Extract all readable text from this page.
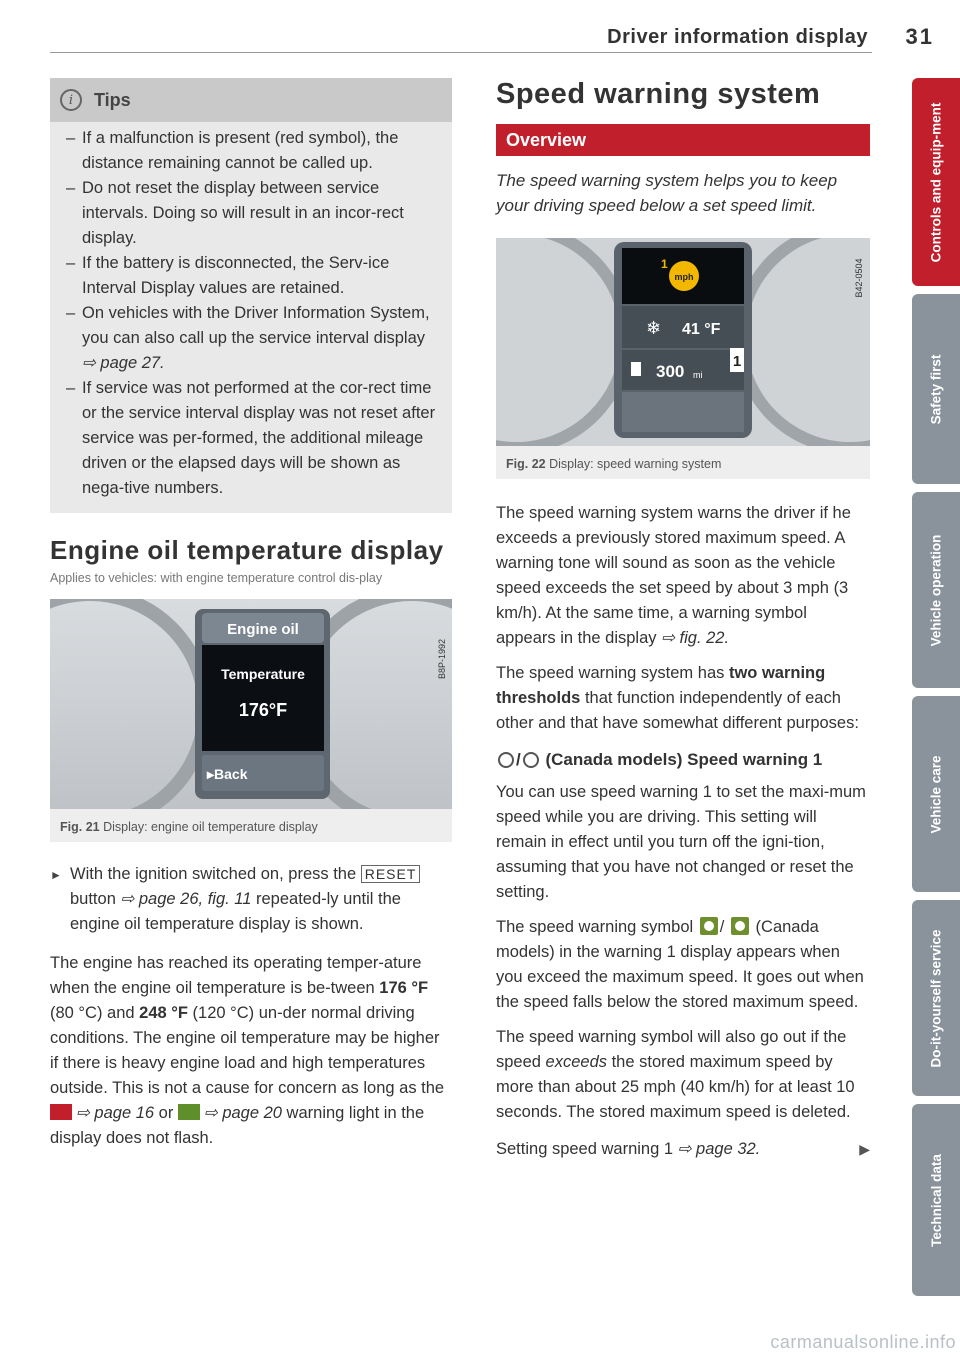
Driver information display 31
i	Tips
– If a malfunction is present (red symbol), the distance remaining cannot be called up.
– Do not reset the display between service intervals. Doing so will result in an incor-rect display.
– If the battery is disconnected, the Serv-ice Interval Display values are retained.
– On vehicles with the Driver Information System, you can also call up the service interval display ⇨ page 27.
– If service was not performed at the cor-rect time or the service interval display was not reset after service was per-formed, the additional mileage driven or the elapsed days will be shown as nega-tive numbers.
Engine oil temperature display
Applies to vehicles: with engine temperature control dis-play
Engine oil
Temperature
176°F
▸Back
B8P-1992
Fig. 21 Display: engine oil temperature display

► With the ignition switched on, press the RESET button ⇨ page 26, fig. 11 repeated-ly until the engine oil temperature display is shown.

The engine has reached its operating temper-ature when the engine oil temperature is be-tween 176 °F (80 °C) and 248 °F (120 °C) un-der normal driving conditions. The engine oil temperature may be higher if there is heavy engine load and high temperatures outside. This is not a cause for concern as long as the ⇨ page 16 or ⇨ page 20 warning light in the display does not flash.

Speed warning system
Overview

The speed warning system helps you to keep your driving speed below a set speed limit.

mph
1
❄ 41 °F
300 mi
1
B42-0504
Fig. 22 Display: speed warning system

The speed warning system warns the driver if he exceeds a previously stored maximum speed. A warning tone will sound as soon as the vehicle speed exceeds the set speed by about 3 mph (3 km/h). At the same time, a warning symbol appears in the display ⇨ fig. 22.

The speed warning system has two warning thresholds that function independently of each other and that have somewhat different purposes:

/
(Canada models) Speed warning 1

You can use speed warning 1 to set the maxi-mum speed while you are driving. This setting will remain in effect until you turn off the igni-tion, assuming that you have not changed or reset the setting.

The speed warning symbol /  (Canada models) in the warning 1 display appears when you exceed the maximum speed. It goes out when the speed falls below the stored maximum speed.

The speed warning symbol will also go out if the speed exceeds the stored maximum speed by more than about 25 mph (40 km/h) for at least 10 seconds. The stored maximum speed is deleted.

Setting speed warning 1 ⇨ page 32.	▶

Controls and equip-ment
Safety first
Vehicle operation
Vehicle care
Do-it-yourself service
Technical data
carmanualsonline.info
